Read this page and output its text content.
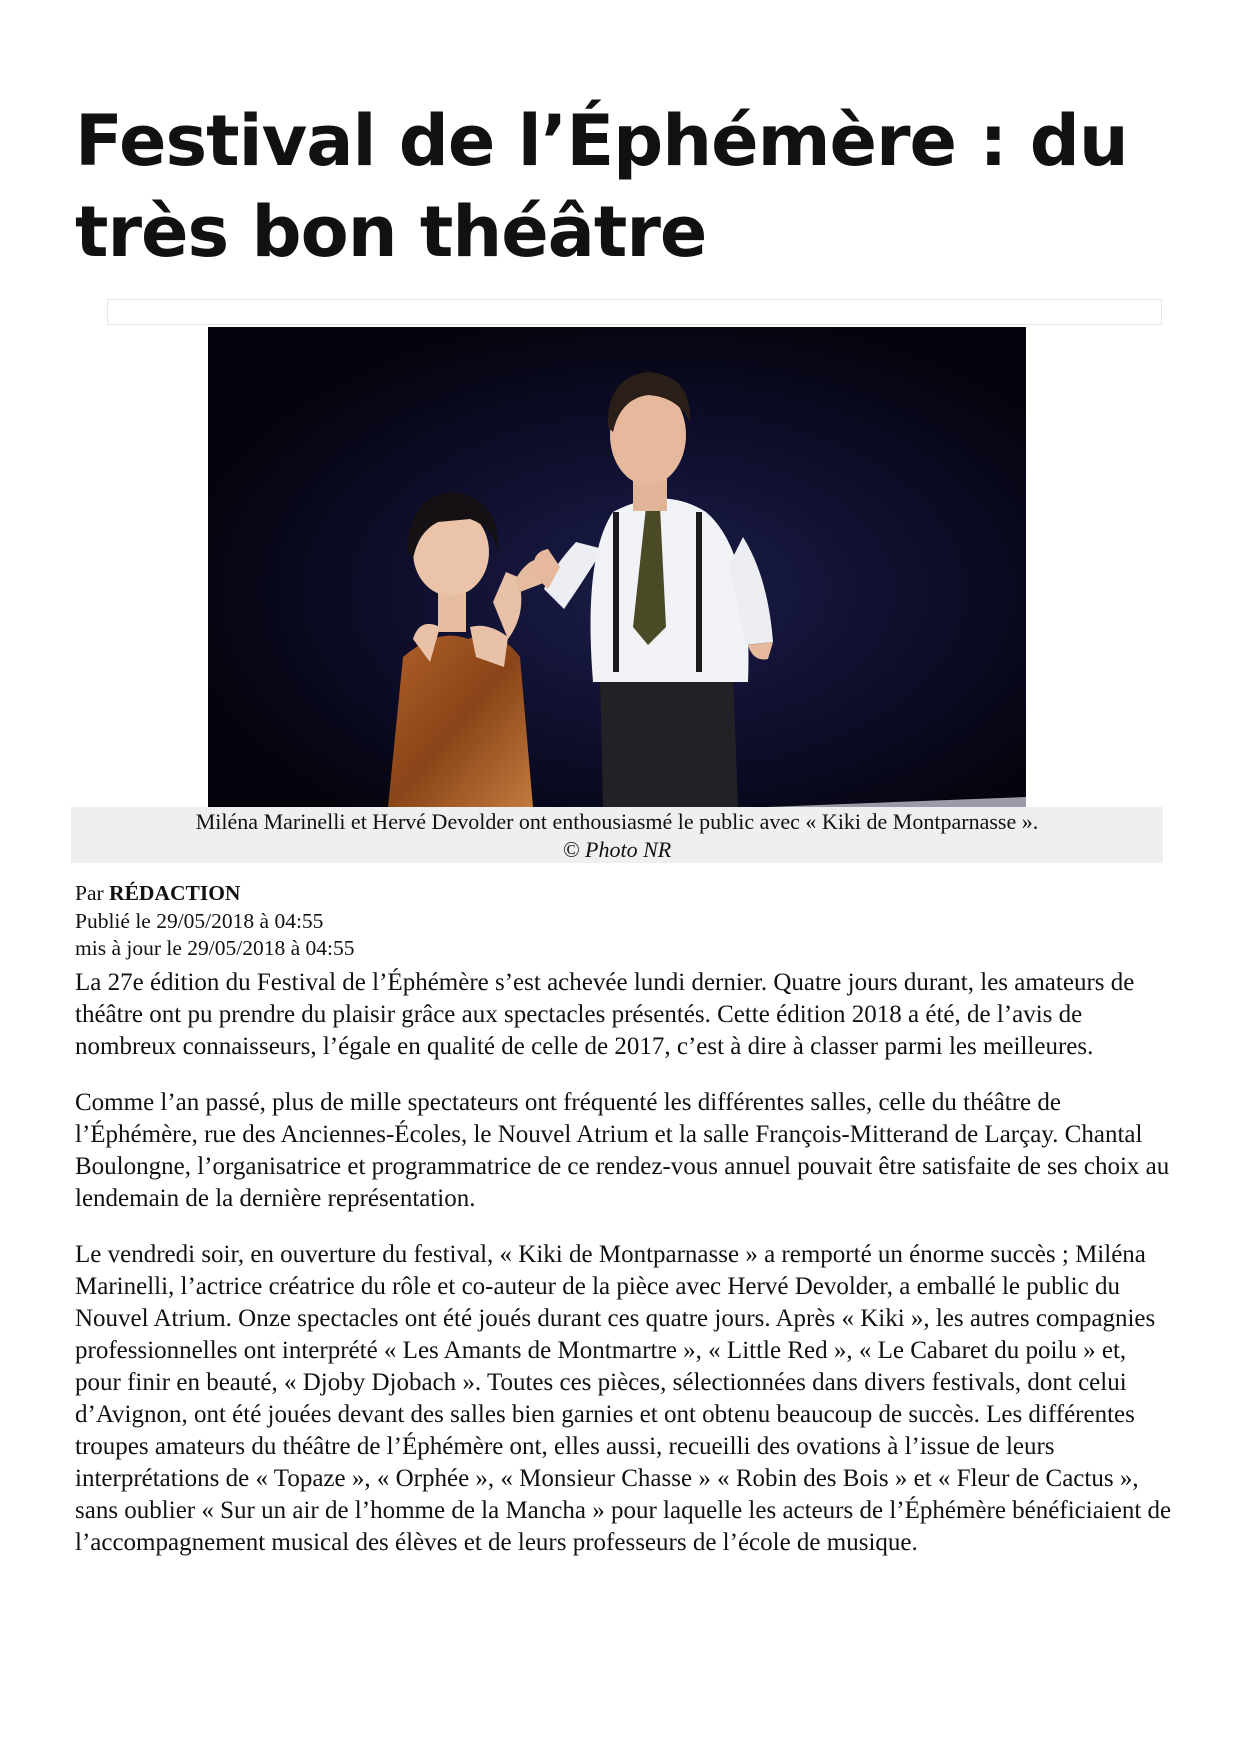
Festival de l’Éphémère : du très bon théâtre
Miléna Marinelli et Hervé Devolder ont enthousiasmé le public avec « Kiki de Montparnasse ».
© Photo NR
Par RÉDACTION
Publié le 29/05/2018 à 04:55
mis à jour le 29/05/2018 à 04:55

La 27e édition du Festival de l’Éphémère s’est achevée lundi dernier. Quatre jours durant, les amateurs de théâtre ont pu prendre du plaisir grâce aux spectacles présentés. Cette édition 2018 a été, de l’avis de nombreux connaisseurs, l’égale en qualité de celle de 2017, c’est à dire à classer parmi les meilleures.

Comme l’an passé, plus de mille spectateurs ont fréquenté les différentes salles, celle du théâtre de l’Éphémère, rue des Anciennes-Écoles, le Nouvel Atrium et la salle François-Mitterand de Larçay. Chantal Boulongne, l’organisatrice et programmatrice de ce rendez-vous annuel pouvait être satisfaite de ses choix au lendemain de la dernière représentation.

Le vendredi soir, en ouverture du festival, « Kiki de Montparnasse » a remporté un énorme succès ; Miléna Marinelli, l’actrice créatrice du rôle et co-auteur de la pièce avec Hervé Devolder, a emballé le public du Nouvel Atrium. Onze spectacles ont été joués durant ces quatre jours. Après « Kiki », les autres compagnies professionnelles ont interprété « Les Amants de Montmartre », « Little Red », « Le Cabaret du poilu » et, pour finir en beauté, « Djoby Djobach ». Toutes ces pièces, sélectionnées dans divers festivals, dont celui d’Avignon, ont été jouées devant des salles bien garnies et ont obtenu beaucoup de succès. Les différentes troupes amateurs du théâtre de l’Éphémère ont, elles aussi, recueilli des ovations à l’issue de leurs interprétations de « Topaze », « Orphée », « Monsieur Chasse » « Robin des Bois » et « Fleur de Cactus », sans oublier « Sur un air de l’homme de la Mancha » pour laquelle les acteurs de l’Éphémère bénéficiaient de l’accompagnement musical des élèves et de leurs professeurs de l’école de musique.
